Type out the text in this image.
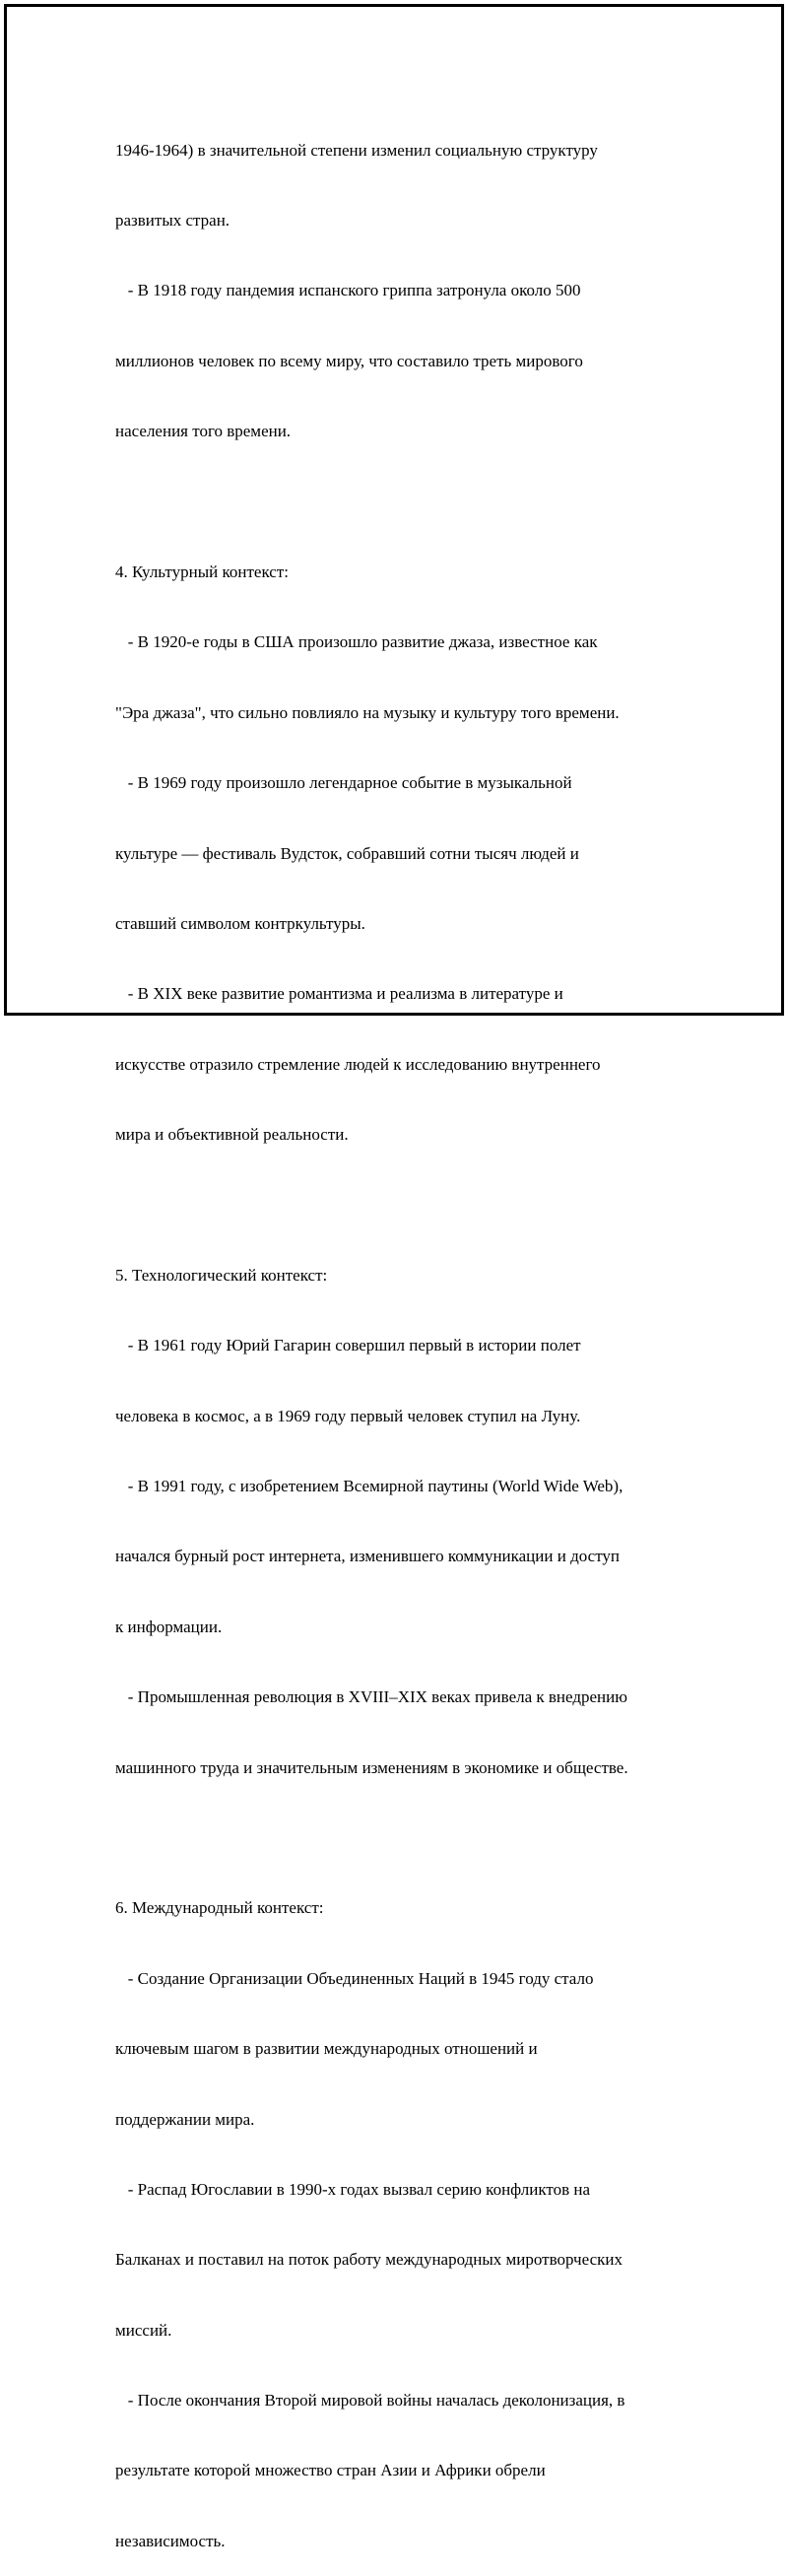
1946-1964) в значительной степени изменил социальную структуру

развитых стран.

- В 1918 году пандемия испанского гриппа затронула около 500

миллионов человек по всему миру, что составило треть мирового

населения того времени.

4. Культурный контекст:

- В 1920-е годы в США произошло развитие джаза, известное как

"Эра джаза", что сильно повлияло на музыку и культуру того времени.

- В 1969 году произошло легендарное событие в музыкальной

культуре — фестиваль Вудсток, собравший сотни тысяч людей и

ставший символом контркультуры.

- В XIX веке развитие романтизма и реализма в литературе и

искусстве отразило стремление людей к исследованию внутреннего

мира и объективной реальности.

5. Технологический контекст:

- В 1961 году Юрий Гагарин совершил первый в истории полет

человека в космос, а в 1969 году первый человек ступил на Луну.

- В 1991 году, с изобретением Всемирной паутины (World Wide Web),

начался бурный рост интернета, изменившего коммуникации и доступ

к информации.

- Промышленная революция в XVIII–XIX веках привела к внедрению

машинного труда и значительным изменениям в экономике и обществе.

6. Международный контекст:

- Создание Организации Объединенных Наций в 1945 году стало

ключевым шагом в развитии международных отношений и

поддержании мира.

- Распад Югославии в 1990-х годах вызвал серию конфликтов на

Балканах и поставил на поток работу международных миротворческих

миссий.

- После окончания Второй мировой войны началась деколонизация, в

результате которой множество стран Азии и Африки обрели

независимость.
